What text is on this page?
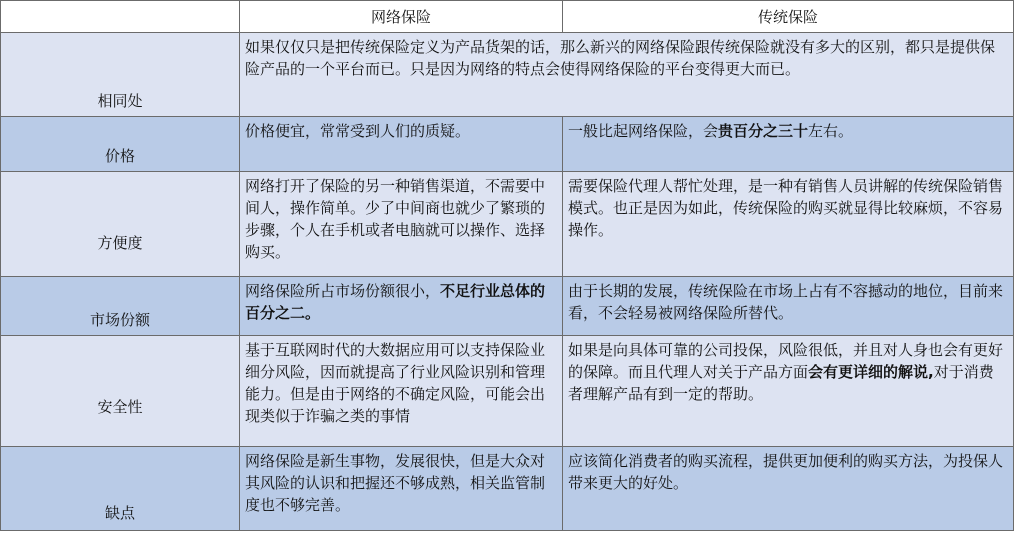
	网络保险	传统保险
相同处	如果仅仅只是把传统保险定义为产品货架的话，那么新兴的网络保险跟传统保险就没有多大的区别，都只是提供保险产品的一个平台而已。只是因为网络的特点会使得网络保险的平台变得更大而已。	

价格	价格便宜，常常受到人们的质疑。	一般比起网络保险，会贵百分之三十左右。

方便度	网络打开了保险的另一种销售渠道，不需要中间人，操作简单。少了中间商也就少了繁琐的步骤，个人在手机或者电脑就可以操作、选择购买。	需要保险代理人帮忙处理，是一种有销售人员讲解的传统保险销售模式。也正是因为如此，传统保险的购买就显得比较麻烦，不容易操作。

市场份额	网络保险所占市场份额很小，不足行业总体的百分之二。	由于长期的发展，传统保险在市场上占有不容撼动的地位，目前来看，不会轻易被网络保险所替代。

安全性	基于互联网时代的大数据应用可以支持保险业细分风险，因而就提高了行业风险识别和管理能力。但是由于网络的不确定风险，可能会出现类似于诈骗之类的事情	如果是向具体可靠的公司投保，风险很低，并且对人身也会有更好的保障。而且代理人对关于产品方面会有更详细的解说,对于消费者理解产品有到一定的帮助。

缺点	网络保险是新生事物，发展很快，但是大众对其风险的认识和把握还不够成熟，相关监管制度也不够完善。	应该简化消费者的购买流程，提供更加便利的购买方法，为投保人带来更大的好处。
